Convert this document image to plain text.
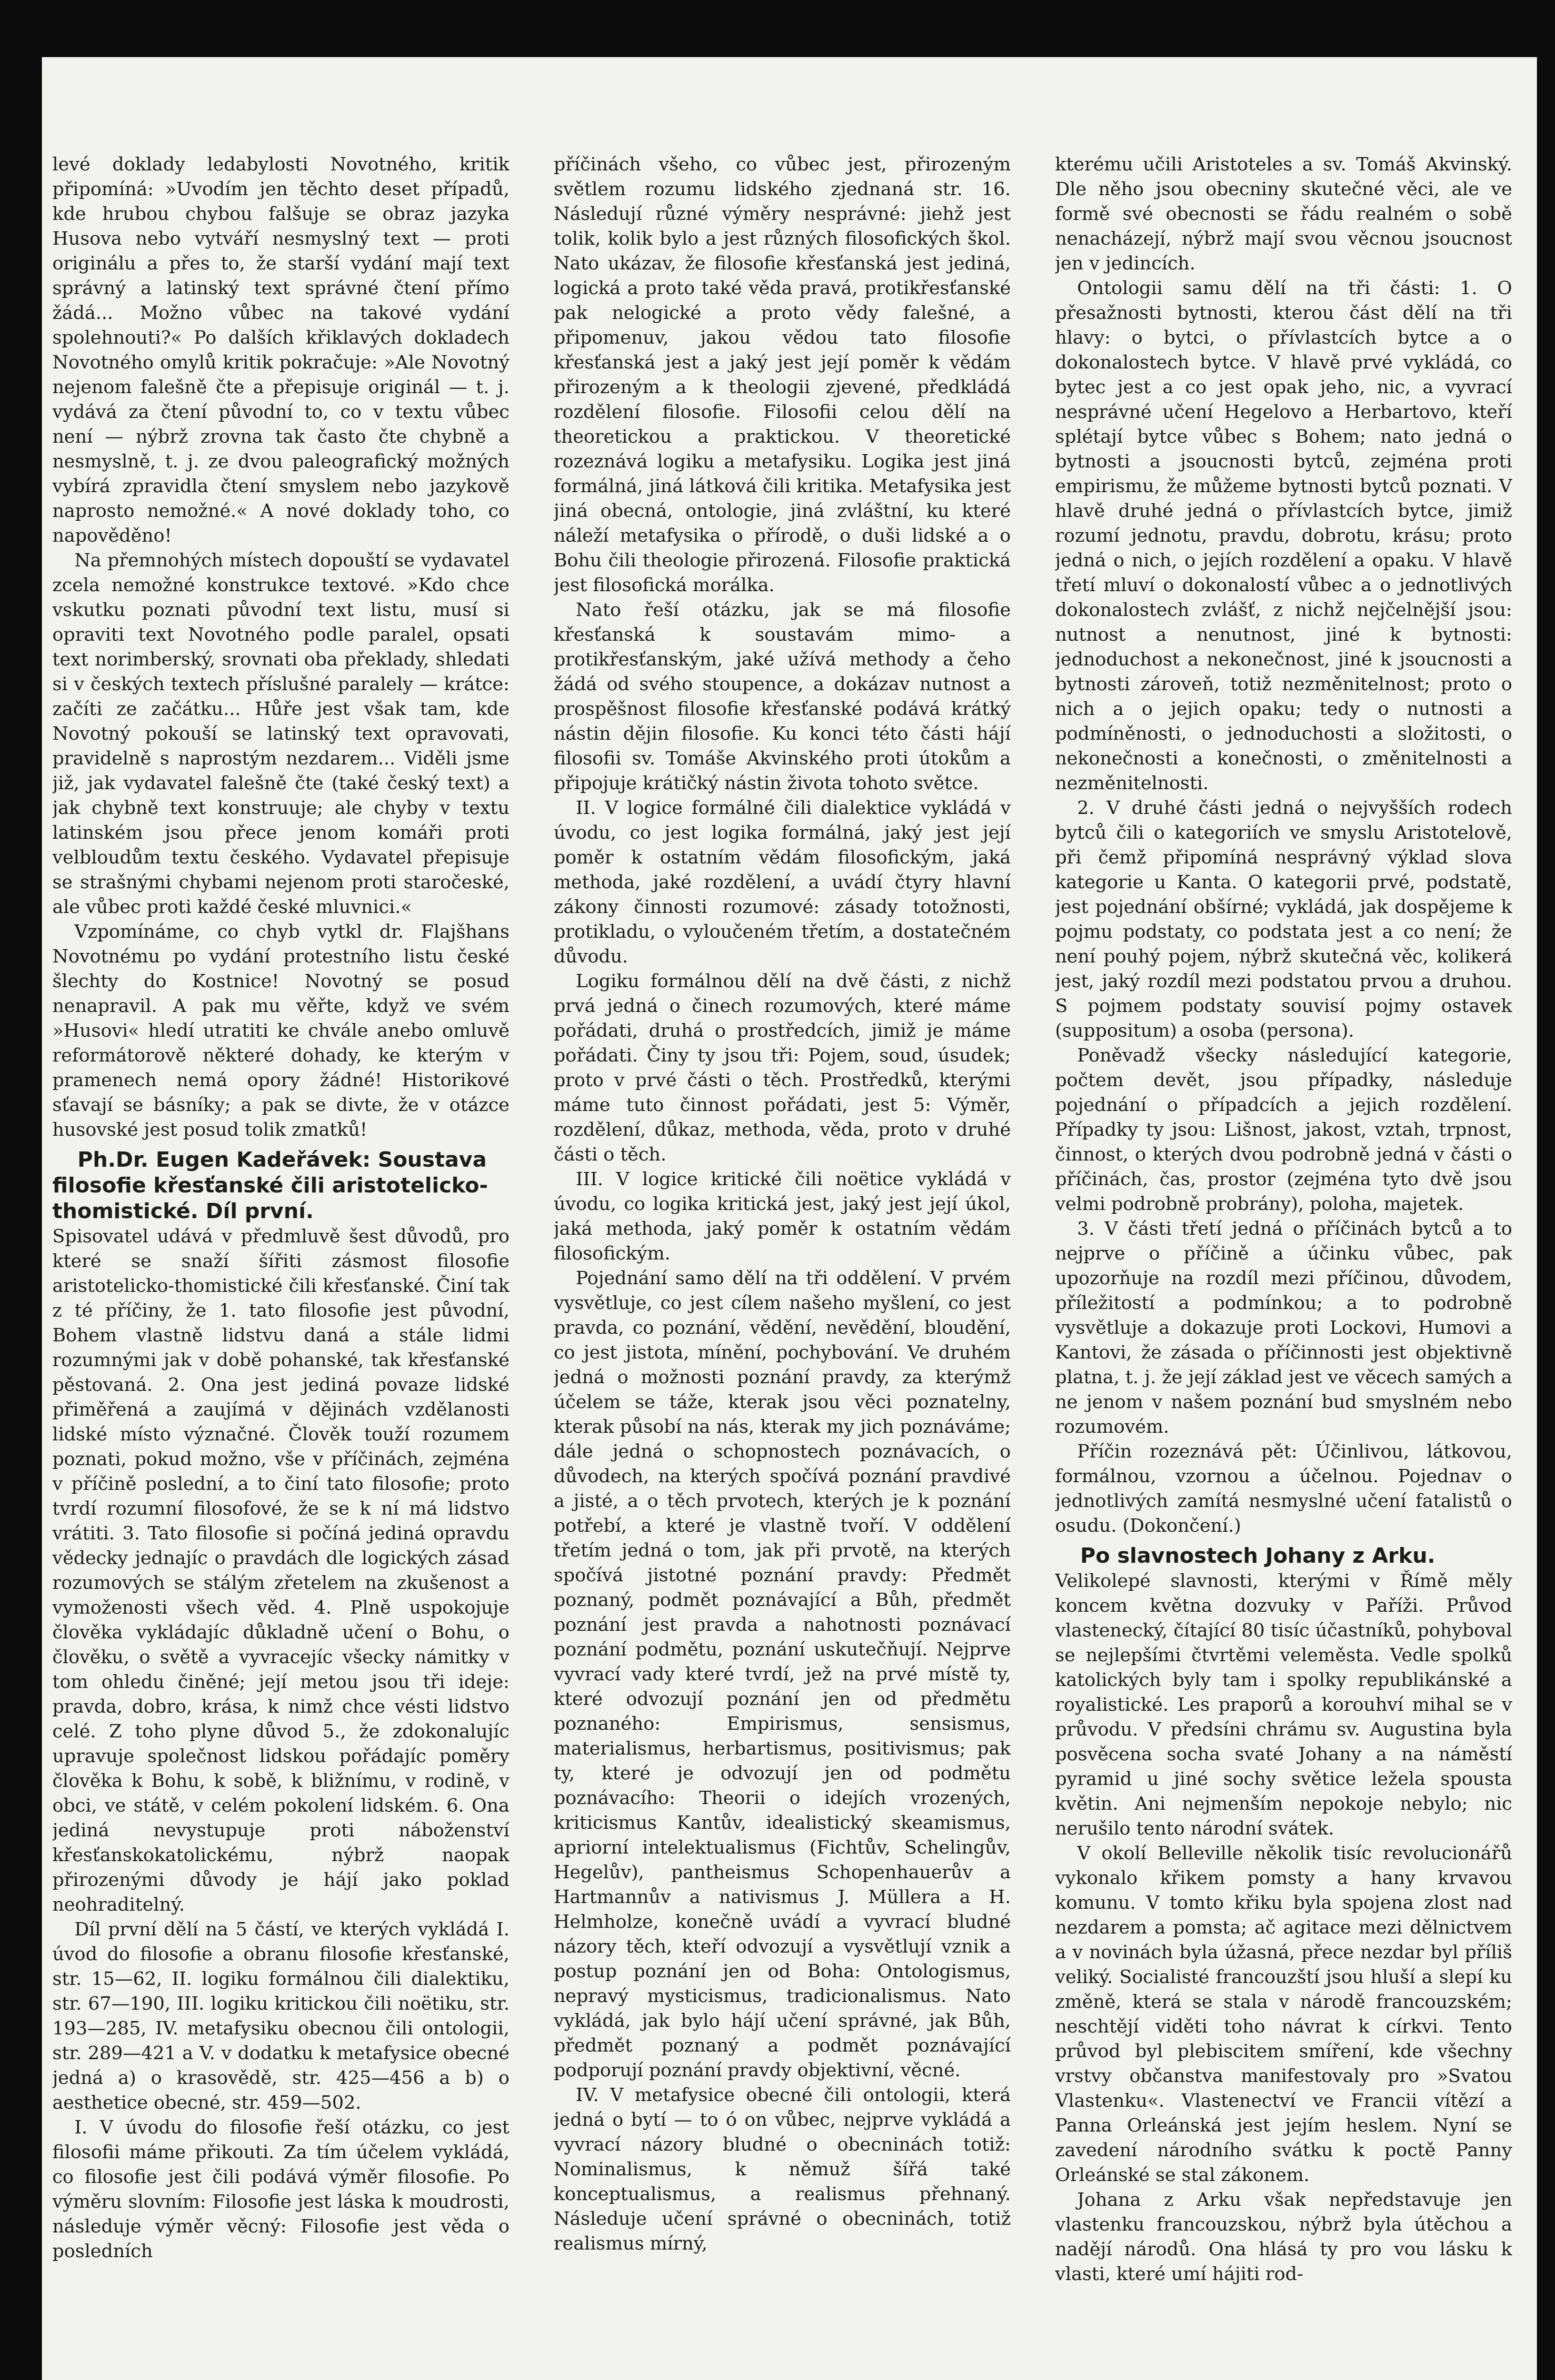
levé doklady ledabylosti Novotného, kritik připomíná: »Uvodím jen těchto deset případů, kde hrubou chybou falšuje se obraz jazyka Husova nebo vytváří nesmyslný text — proti originálu a přes to, že starší vydání mají text správný a latinský text správné čtení přímo žádá... Možno vůbec na takové vydání spolehnouti?« Po dalších křiklavých dokladech Novotného omylů kritik pokračuje: »Ale Novotný nejenom falešně čte a přepisuje originál — t. j. vydává za čtení původní to, co v textu vůbec není — nýbrž zrovna tak často čte chybně a nesmyslně, t. j. ze dvou paleografický možných vybírá zpravidla čtení smyslem nebo jazykově naprosto nemožné.« A nové doklady toho, co napověděno!

Na přemnohých místech dopouští se vydavatel zcela nemožné konstrukce textové. »Kdo chce vskutku poznati původní text listu, musí si opraviti text Novotného podle paralel, opsati text norimberský, srovnati oba překlady, shledati si v českých textech příslušné paralely — krátce: začíti ze začátku... Hůře jest však tam, kde Novotný pokouší se latinský text opravovati, pravidelně s naprostým nezdarem... Viděli jsme již, jak vydavatel falešně čte (také český text) a jak chybně text konstruuje; ale chyby v textu latinském jsou přece jenom komáři proti velbloudům textu českého. Vydavatel přepisuje se strašnými chybami nejenom proti staročeské, ale vůbec proti každé české mluvnici.«

Vzpomínáme, co chyb vytkl dr. Flajšhans Novotnému po vydání protestního listu české šlechty do Kostnice! Novotný se posud nenapravil. A pak mu věřte, když ve svém »Husovi« hledí utratiti ke chvále anebo omluvě reformátorově některé dohady, ke kterým v pramenech nemá opory žádné! Historikové sťavají se básníky; a pak se divte, že v otázce husovské jest posud tolik zmatků!

Ph.Dr. Eugen Kadeřávek: Soustava filosofie křesťanské čili aristotelicko-thomistické. Díl první.

Spisovatel udává v předmluvě šest důvodů, pro které se snaží šířiti zásmost filosofie aristotelicko-thomistické čili křesťanské. Činí tak z té příčiny, že 1. tato filosofie jest původní, Bohem vlastně lidstvu daná a stále lidmi rozumnými jak v době pohanské, tak křesťanské pěstovaná. 2. Ona jest jediná povaze lidské přiměřená a zaujímá v dějinách vzdělanosti lidské místo význačné. Člověk touží rozumem poznati, pokud možno, vše v příčinách, zejména v příčině poslední, a to činí tato filosofie; proto tvrdí rozumní filosofové, že se k ní má lidstvo vrátiti. 3. Tato filosofie si počíná jediná opravdu vědecky jednajíc o pravdách dle logických zásad rozumových se stálým zřetelem na zkušenost a vymoženosti všech věd. 4. Plně uspokojuje člověka vykládajíc důkladně učení o Bohu, o člověku, o světě a vyvracejíc všecky námitky v tom ohledu činěné; její metou jsou tři ideje: pravda, dobro, krása, k nimž chce vésti lidstvo celé. Z toho plyne důvod 5., že zdokonalujíc upravuje společnost lidskou pořádajíc poměry člověka k Bohu, k sobě, k bližnímu, v rodině, v obci, ve státě, v celém pokolení lidském. 6. Ona jediná nevystupuje proti náboženství křesťanskokatolickému, nýbrž naopak přirozenými důvody je hájí jako poklad neohraditelný.

Díl první dělí na 5 částí, ve kterých vykládá I. úvod do filosofie a obranu filosofie křesťanské, str. 15—62, II. logiku formálnou čili dialektiku, str. 67—190, III. logiku kritickou čili noëtiku, str. 193—285, IV. metafysiku obecnou čili ontologii, str. 289—421 a V. v dodatku k metafysice obecné jedná a) o krasovědě, str. 425—456 a b) o aesthetice obecné, str. 459—502.

I. V úvodu do filosofie řeší otázku, co jest filosofii máme přikouti. Za tím účelem vykládá, co filosofie jest čili podává výměr filosofie. Po výměru slovním: Filosofie jest láska k moudrosti, následuje výměr věcný: Filosofie jest věda o posledních

příčinách všeho, co vůbec jest, přirozeným světlem rozumu lidského zjednaná str. 16. Následují různé výměry nesprávné: jiehž jest tolik, kolik bylo a jest různých filosofických škol. Nato ukázav, že filosofie křesťanská jest jediná, logická a proto také věda pravá, protikřesťanské pak nelogické a proto vědy falešné, a připomenuv, jakou vědou tato filosofie křesťanská jest a jaký jest její poměr k vědám přirozeným a k theologii zjevené, předkládá rozdělení filosofie. Filosofii celou dělí na theoretickou a praktickou. V theoretické rozeznává logiku a metafysiku. Logika jest jiná formálná, jiná látková čili kritika. Metafysika jest jiná obecná, ontologie, jiná zvláštní, ku které náleží metafysika o přírodě, o duši lidské a o Bohu čili theologie přirozená. Filosofie praktická jest filosofická morálka.

Nato řeší otázku, jak se má filosofie křesťanská k soustavám mimo- a protikřesťanským, jaké užívá methody a čeho žádá od svého stoupence, a dokázav nutnost a prospěšnost filosofie křesťanské podává krátký nástin dějin filosofie. Ku konci této části hájí filosofii sv. Tomáše Akvinského proti útokům a připojuje krátičký nástin života tohoto světce.

II. V logice formálné čili dialektice vykládá v úvodu, co jest logika formálná, jaký jest její poměr k ostatním vědám filosofickým, jaká methoda, jaké rozdělení, a uvádí čtyry hlavní zákony činnosti rozumové: zásady totožnosti, protikladu, o vyloučeném třetím, a dostatečném důvodu.

Logiku formálnou dělí na dvě části, z nichž prvá jedná o činech rozumových, které máme pořádati, druhá o prostředcích, jimiž je máme pořádati. Činy ty jsou tři: Pojem, soud, úsudek; proto v prvé části o těch. Prostředků, kterými máme tuto činnost pořádati, jest 5: Výměr, rozdělení, důkaz, methoda, věda, proto v druhé části o těch.

III. V logice kritické čili noëtice vykládá v úvodu, co logika kritická jest, jaký jest její úkol, jaká methoda, jaký poměr k ostatním vědám filosofickým.

Pojednání samo dělí na tři oddělení. V prvém vysvětluje, co jest cílem našeho myšlení, co jest pravda, co poznání, vědění, nevědění, bloudění, co jest jistota, mínění, pochybování. Ve druhém jedná o možnosti poznání pravdy, za kterýmž účelem se táže, kterak jsou věci poznatelny, kterak působí na nás, kterak my jich poznáváme; dále jedná o schopnostech poznávacích, o důvodech, na kterých spočívá poznání pravdivé a jisté, a o těch prvotech, kterých je k poznání potřebí, a které je vlastně tvoří. V oddělení třetím jedná o tom, jak při prvotě, na kterých spočívá jistotné poznání pravdy: Předmět poznaný, podmět poznávající a Bůh, předmět poznání jest pravda a nahotnosti poznávací poznání podmětu, poznání uskutečňují. Nejprve vyvrací vady které tvrdí, jež na prvé místě ty, které odvozují poznání jen od předmětu poznaného: Empirismus, sensismus, materialismus, herbartismus, positivismus; pak ty, které je odvozují jen od podmětu poznávacího: Theorii o idejích vrozených, kriticismus Kantův, idealistický skeamismus, apriorní intelektualismus (Fichtův, Schelingův, Hegelův), pantheismus Schopenhauerův a Hartmannův a nativismus J. Müllera a H. Helmholze, konečně uvádí a vyvrací bludné názory těch, kteří odvozují a vysvětlují vznik a postup poznání jen od Boha: Ontologismus, nepravý mysticismus, tradicionalismus. Nato vykládá, jak bylo hájí učení správné, jak Bůh, předmět poznaný a podmět poznávající podporují poznání pravdy objektivní, věcné.

IV. V metafysice obecné čili ontologii, která jedná o bytí — to ó on vůbec, nejprve vykládá a vyvrací názory bludné o obecninách totiž: Nominalismus, k němuž šířá také konceptualismus, a realismus přehnaný. Následuje učení správné o obecninách, totiž realismus mírný,

kterému učili Aristoteles a sv. Tomáš Akvinský. Dle něho jsou obecniny skutečné věci, ale ve formě své obecnosti se řádu realném o sobě nenacházejí, nýbrž mají svou věcnou jsoucnost jen v jedincích.

Ontologii samu dělí na tři části: 1. O přesažnosti bytnosti, kterou část dělí na tři hlavy: o bytci, o přívlastcích bytce a o dokonalostech bytce. V hlavě prvé vykládá, co bytec jest a co jest opak jeho, nic, a vyvrací nesprávné učení Hegelovo a Herbartovo, kteří splétají bytce vůbec s Bohem; nato jedná o bytnosti a jsoucnosti bytců, zejména proti empirismu, že můžeme bytnosti bytců poznati. V hlavě druhé jedná o přívlastcích bytce, jimiž rozumí jednotu, pravdu, dobrotu, krásu; proto jedná o nich, o jejích rozdělení a opaku. V hlavě třetí mluví o dokonalostí vůbec a o jednotlivých dokonalostech zvlášť, z nichž nejčelnější jsou: nutnost a nenutnost, jiné k bytnosti: jednoduchost a nekonečnost, jiné k jsoucnosti a bytnosti zároveň, totiž nezměnitelnost; proto o nich a o jejich opaku; tedy o nutnosti a podmíněnosti, o jednoduchosti a složitosti, o nekonečnosti a konečnosti, o změnitelnosti a nezměnitelnosti.

2. V druhé části jedná o nejvyšších rodech bytců čili o kategoriích ve smyslu Aristotelově, při čemž připomíná nesprávný výklad slova kategorie u Kanta. O kategorii prvé, podstatě, jest pojednání obšírné; vykládá, jak dospějeme k pojmu podstaty, co podstata jest a co není; že není pouhý pojem, nýbrž skutečná věc, kolikerá jest, jaký rozdíl mezi podstatou prvou a druhou. S pojmem podstaty souvisí pojmy ostavek (suppositum) a osoba (persona).

Poněvadž všecky následující kategorie, počtem devět, jsou případky, následuje pojednání o případcích a jejich rozdělení. Případky ty jsou: Lišnost, jakost, vztah, trpnost, činnost, o kterých dvou podrobně jedná v části o příčinách, čas, prostor (zejména tyto dvě jsou velmi podrobně probrány), poloha, majetek.

3. V části třetí jedná o příčinách bytců a to nejprve o příčině a účinku vůbec, pak upozorňuje na rozdíl mezi příčinou, důvodem, příležitostí a podmínkou; a to podrobně vysvětluje a dokazuje proti Lockovi, Humovi a Kantovi, že zásada o příčinnosti jest objektivně platna, t. j. že její základ jest ve věcech samých a ne jenom v našem poznání bud smyslném nebo rozumovém.

Příčin rozeznává pět: Účinlivou, látkovou, formálnou, vzornou a účelnou. Pojednav o jednotlivých zamítá nesmyslné učení fatalistů o osudu. (Dokončení.)

Po slavnostech Johany z Arku.

Velikolepé slavnosti, kterými v Římě měly koncem května dozvuky v Paříži. Průvod vlastenecký, čítající 80 tisíc účastníků, pohyboval se nejlepšími čtvrtěmi veleměsta. Vedle spolků katolických byly tam i spolky republikánské a royalistické. Les praporů a korouhví mihal se v průvodu. V předsíni chrámu sv. Augustina byla posvěcena socha svaté Johany a na náměstí pyramid u jiné sochy světice ležela spousta květin. Ani nejmenším nepokoje nebylo; nic nerušilo tento národní svátek.

V okolí Belleville několik tisíc revolucionářů vykonalo křikem pomsty a hany krvavou komunu. V tomto křiku byla spojena zlost nad nezdarem a pomsta; ač agitace mezi dělnictvem a v novinách byla úžasná, přece nezdar byl příliš veliký. Socialisté francouzští jsou hluší a slepí ku změně, která se stala v národě francouzském; neschtějí viděti toho návrat k církvi. Tento průvod byl plebiscitem smíření, kde všechny vrstvy občanstva manifestovaly pro »Svatou Vlastenku«. Vlastenectví ve Francii vítězí a Panna Orleánská jest jejím heslem. Nyní se zavedení národního svátku k poctě Panny Orleánské se stal zákonem.

Johana z Arku však nepředstavuje jen vlastenku francouzskou, nýbrž byla útěchou a nadějí národů. Ona hlásá ty pro vou lásku k vlasti, které umí hájiti rod-
